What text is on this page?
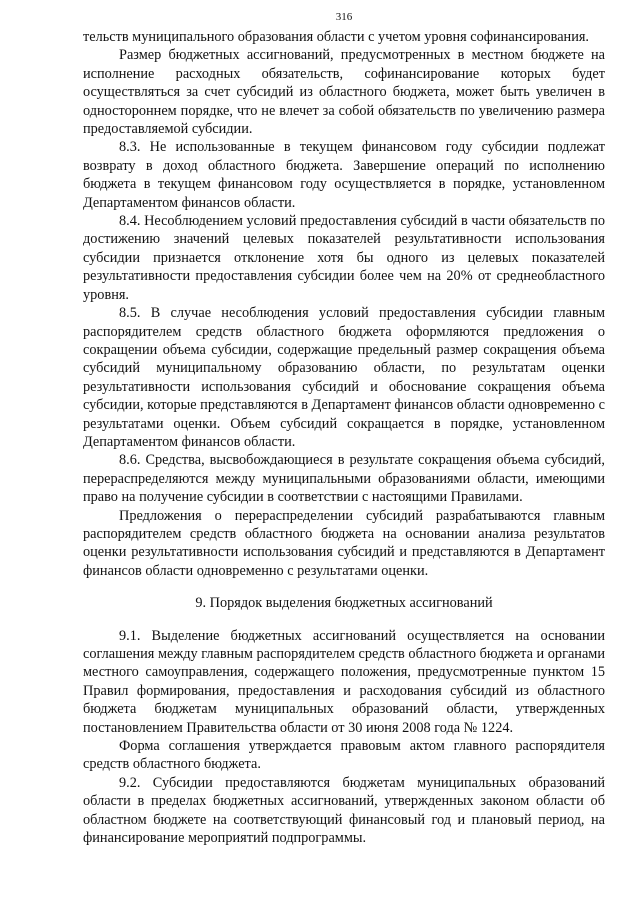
316

тельств муниципального образования области с учетом уровня софинансирования.

Размер бюджетных ассигнований, предусмотренных в местном бюджете на исполнение расходных обязательств, софинансирование которых будет осуществляться за счет субсидий из областного бюджета, может быть увеличен в одностороннем порядке, что не влечет за собой обязательств по увеличению размера предоставляемой субсидии.

8.3. Не использованные в текущем финансовом году субсидии подлежат возврату в доход областного бюджета. Завершение операций по исполнению бюджета в текущем финансовом году осуществляется в порядке, установленном Департаментом финансов области.

8.4. Несоблюдением условий предоставления субсидий в части обязательств по достижению значений целевых показателей результативности использования субсидии признается отклонение хотя бы одного из целевых показателей результативности предоставления субсидии более чем на 20% от среднеобластного уровня.

8.5. В случае несоблюдения условий предоставления субсидии главным распорядителем средств областного бюджета оформляются предложения о сокращении объема субсидии, содержащие предельный размер сокращения объема субсидий муниципальному образованию области, по результатам оценки результативности использования субсидий и обоснование сокращения объема субсидии, которые представляются в Департамент финансов области одновременно с результатами оценки. Объем субсидий сокращается в порядке, установленном Департаментом финансов области.

8.6. Средства, высвобождающиеся в результате сокращения объема субсидий, перераспределяются между муниципальными образованиями области, имеющими право на получение субсидии в соответствии с настоящими Правилами.

Предложения о перераспределении субсидий разрабатываются главным распорядителем средств областного бюджета на основании анализа результатов оценки результативности использования субсидий и представляются в Департамент финансов области одновременно с результатами оценки.

9. Порядок выделения бюджетных ассигнований

9.1. Выделение бюджетных ассигнований осуществляется на основании соглашения между главным распорядителем средств областного бюджета и органами местного самоуправления, содержащего положения, предусмотренные пунктом 15 Правил формирования, предоставления и расходования субсидий из областного бюджета бюджетам муниципальных образований области, утвержденных постановлением Правительства области от 30 июня 2008 года № 1224.

Форма соглашения утверждается правовым актом главного распорядителя средств областного бюджета.

9.2. Субсидии предоставляются бюджетам муниципальных образований области в пределах бюджетных ассигнований, утвержденных законом области об областном бюджете на соответствующий финансовый год и плановый период, на финансирование мероприятий подпрограммы.
